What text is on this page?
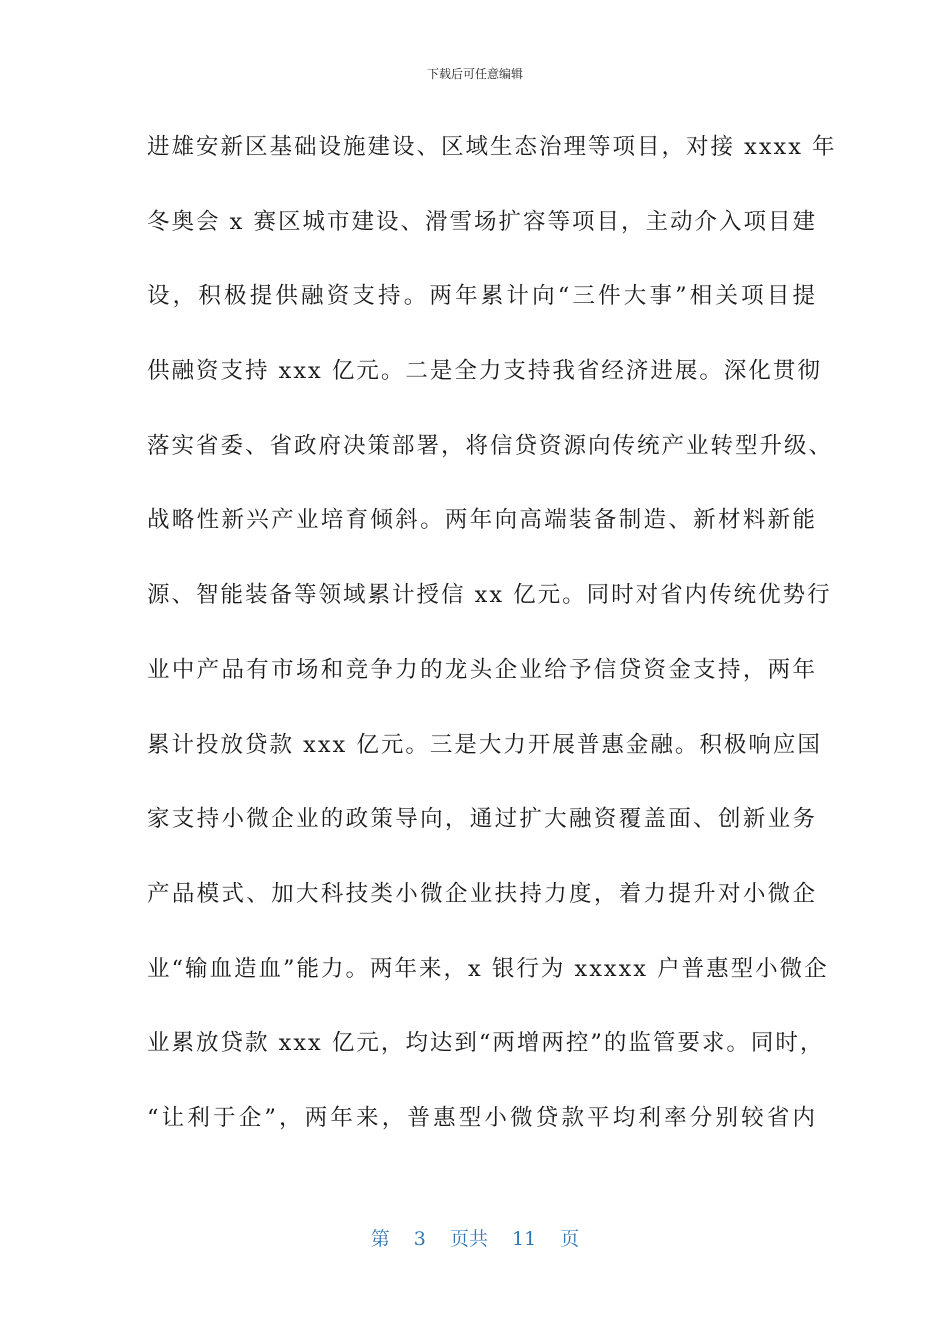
下载后可任意编辑
进雄安新区基础设施建设、区域生态治理等项目，对接 xxxx 年
冬奥会 x 赛区城市建设、滑雪场扩容等项目，主动介入项目建
设，积极提供融资支持。两年累计向“三件大事”相关项目提
供融资支持 xxx 亿元。二是全力支持我省经济进展。深化贯彻
落实省委、省政府决策部署，将信贷资源向传统产业转型升级、
战略性新兴产业培育倾斜。两年向高端装备制造、新材料新能
源、智能装备等领域累计授信 xx 亿元。同时对省内传统优势行
业中产品有市场和竞争力的龙头企业给予信贷资金支持，两年
累计投放贷款 xxx 亿元。三是大力开展普惠金融。积极响应国
家支持小微企业的政策导向，通过扩大融资覆盖面、创新业务
产品模式、加大科技类小微企业扶持力度，着力提升对小微企
业“输血造血”能力。两年来，x 银行为 xxxxx 户普惠型小微企
业累放贷款 xxx 亿元，均达到“两增两控”的监管要求。同时，
“让利于企”，两年来，普惠型小微贷款平均利率分别较省内
第 3 页共 11 页
